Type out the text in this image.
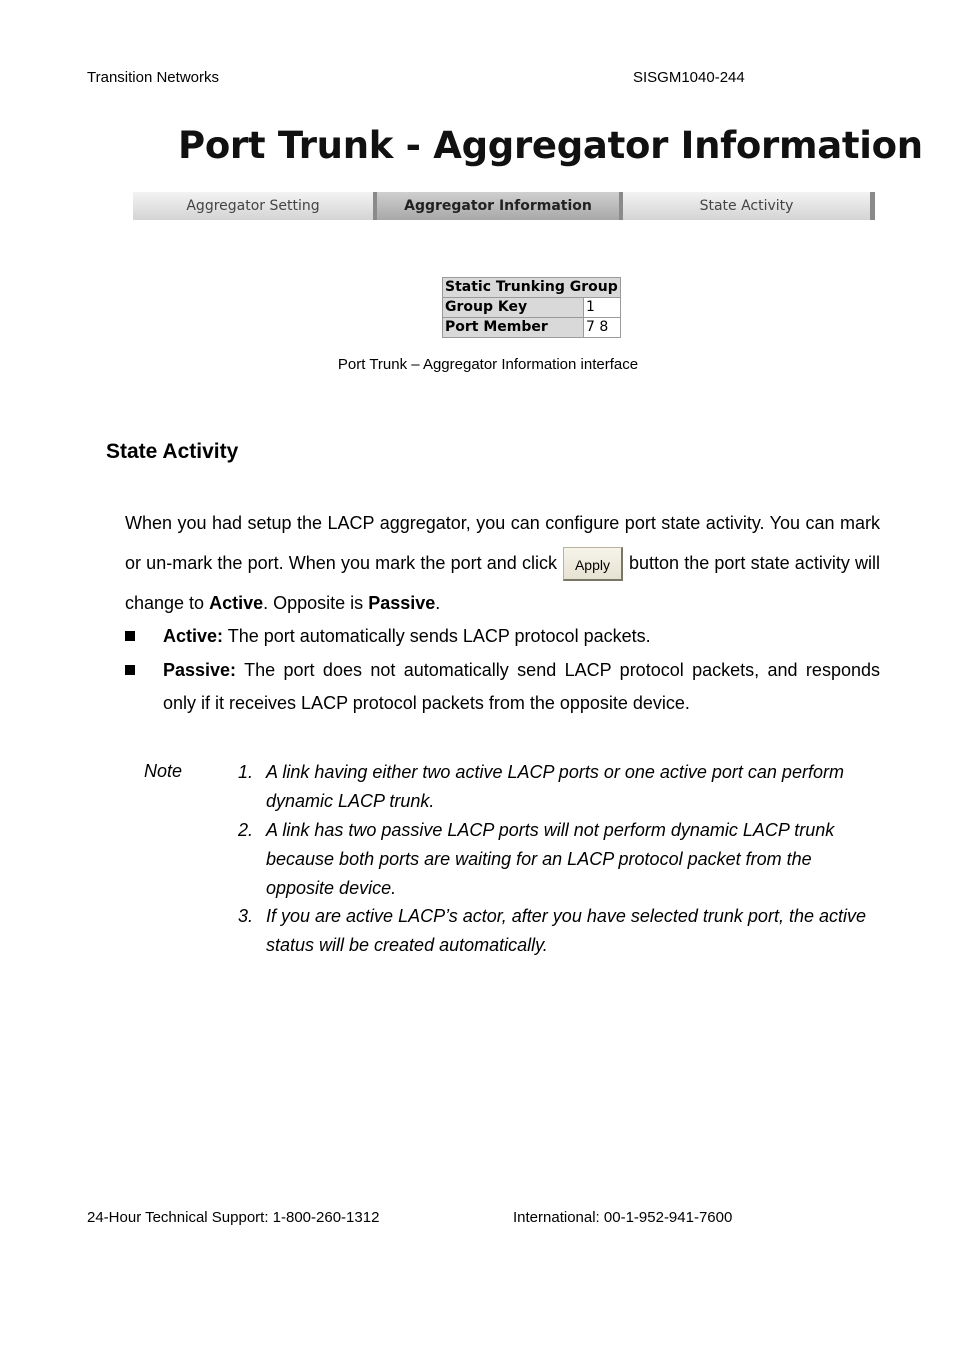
Transition Networks	SISGM1040-244
Port Trunk - Aggregator Information
Aggregator Setting	Aggregator Information	State Activity
Static Trunking Group	
Group Key	1
Port Member	7 8
Port Trunk – Aggregator Information interface
State Activity
When you had setup the LACP aggregator, you can configure port state activity. You can mark or un-mark the port. When you mark the port and click Apply button the port state activity will change to Active. Opposite is Passive.
Active: The port automatically sends LACP protocol packets.
Passive: The port does not automatically send LACP protocol packets, and responds only if it receives LACP protocol packets from the opposite device.
Note	1. A link having either two active LACP ports or one active port can perform dynamic LACP trunk.
2. A link has two passive LACP ports will not perform dynamic LACP trunk because both ports are waiting for an LACP protocol packet from the opposite device.
3. If you are active LACP’s actor, after you have selected trunk port, the active status will be created automatically.
24-Hour Technical Support: 1-800-260-1312	International: 00-1-952-941-7600
